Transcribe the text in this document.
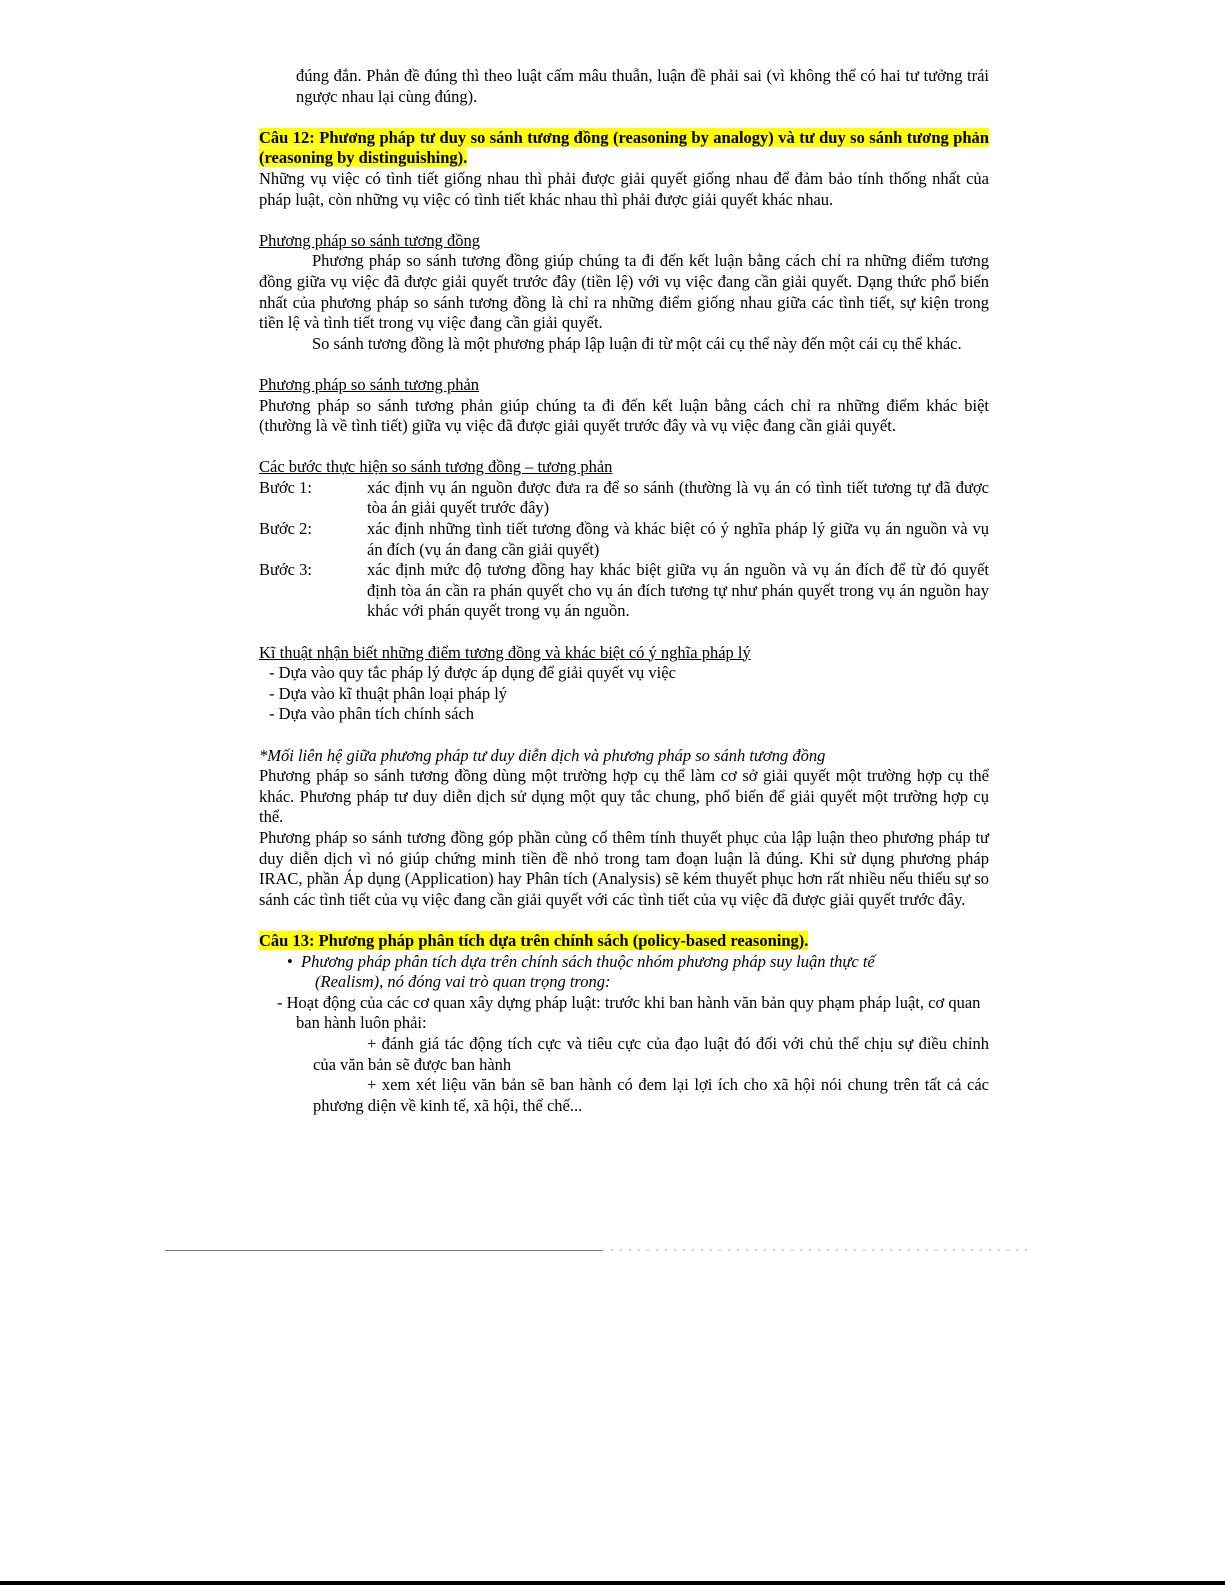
đúng đắn. Phản đề đúng thì theo luật cấm mâu thuẫn, luận đề phải sai (vì không thể có hai tư tưởng trái ngược nhau lại cùng đúng).

Câu 12: Phương pháp tư duy so sánh tương đồng (reasoning by analogy) và tư duy so sánh tương phản (reasoning by distinguishing).

Những vụ việc có tình tiết giống nhau thì phải được giải quyết giống nhau để đảm bảo tính thống nhất của pháp luật, còn những vụ việc có tình tiết khác nhau thì phải được giải quyết khác nhau.

Phương pháp so sánh tương đồng

Phương pháp so sánh tương đồng giúp chúng ta đi đến kết luận bằng cách chỉ ra những điểm tương đồng giữa vụ việc đã được giải quyết trước đây (tiền lệ) với vụ việc đang cần giải quyết. Dạng thức phổ biến nhất của phương pháp so sánh tương đồng là chỉ ra những điểm giống nhau giữa các tình tiết, sự kiện trong tiền lệ và tình tiết trong vụ việc đang cần giải quyết.

So sánh tương đồng là một phương pháp lập luận đi từ một cái cụ thể này đến một cái cụ thể khác.

Phương pháp so sánh tương phản

Phương pháp so sánh tương phản giúp chúng ta đi đến kết luận bằng cách chỉ ra những điểm khác biệt (thường là về tình tiết) giữa vụ việc đã được giải quyết trước đây và vụ việc đang cần giải quyết.

Các bước thực hiện so sánh tương đồng – tương phản

Bước 1:	xác định vụ án nguồn được đưa ra để so sánh (thường là vụ án có tình tiết tương tự đã được tòa án giải quyết trước đây)
Bước 2:	xác định những tình tiết tương đồng và khác biệt có ý nghĩa pháp lý giữa vụ án nguồn và vụ án đích (vụ án đang cần giải quyết)
Bước 3:	xác định mức độ tương đồng hay khác biệt giữa vụ án nguồn và vụ án đích để từ đó quyết định tòa án cần ra phán quyết cho vụ án đích tương tự như phán quyết trong vụ án nguồn hay khác với phán quyết trong vụ án nguồn.

Kĩ thuật nhận biết những điểm tương đồng và khác biệt có ý nghĩa pháp lý

- Dựa vào quy tắc pháp lý được áp dụng để giải quyết vụ việc

- Dựa vào kĩ thuật phân loại pháp lý

- Dựa vào phân tích chính sách

*Mối liên hệ giữa phương pháp tư duy diễn dịch và phương pháp so sánh tương đồng

Phương pháp so sánh tương đồng dùng một trường hợp cụ thể làm cơ sở giải quyết một trường hợp cụ thể khác. Phương pháp tư duy diễn dịch sử dụng một quy tắc chung, phổ biến để giải quyết một trường hợp cụ thể.

Phương pháp so sánh tương đồng góp phần củng cố thêm tính thuyết phục của lập luận theo phương pháp tư duy diễn dịch vì nó giúp chứng minh tiền đề nhỏ trong tam đoạn luận là đúng. Khi sử dụng phương pháp IRAC, phần Áp dụng (Application) hay Phân tích (Analysis) sẽ kém thuyết phục hơn rất nhiều nếu thiếu sự so sánh các tình tiết của vụ việc đang cần giải quyết với các tình tiết của vụ việc đã được giải quyết trước đây.

Câu 13: Phương pháp phân tích dựa trên chính sách (policy-based reasoning).

• Phương pháp phân tích dựa trên chính sách thuộc nhóm phương pháp suy luận thực tế
(Realism), nó đóng vai trò quan trọng trong:

- Hoạt động của các cơ quan xây dựng pháp luật: trước khi ban hành văn bản quy phạm pháp luật, cơ quan ban hành luôn phải:

+ đánh giá tác động tích cực và tiêu cực của đạo luật đó đối với chủ thể chịu sự điều chỉnh của văn bản sẽ được ban hành

+ xem xét liệu văn bản sẽ ban hành có đem lại lợi ích cho xã hội nói chung trên tất cả các phương diện về kinh tế, xã hội, thể chế...
